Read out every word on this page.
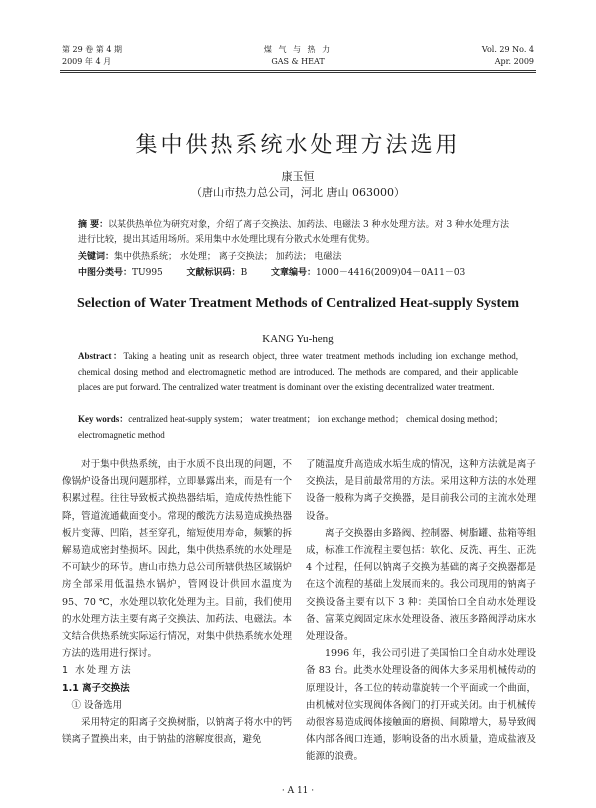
第 29 卷 第 4 期
2009 年 4 月
煤 气 与 热 力
GAS & HEAT
Vol. 29 No. 4
Apr. 2009
集中供热系统水处理方法选用
康玉恒
（唐山市热力总公司，河北 唐山 063000）
摘 要：以某供热单位为研究对象，介绍了离子交换法、加药法、电磁法 3 种水处理方法。对 3 种水处理方法进行比较，提出其适用场所。采用集中水处理比现有分散式水处理有优势。
关键词：集中供热系统； 水处理； 离子交换法； 加药法； 电磁法
中图分类号：TU995	文献标识码：B	文章编号：1000－4416(2009)04－0A11－03
Selection of Water Treatment Methods of Centralized Heat-supply System
KANG Yu-heng
Abstract：Taking a heating unit as research object, three water treatment methods including ion exchange method, chemical dosing method and electromagnetic method are introduced. The methods are compared, and their applicable places are put forward. The centralized water treatment is dominant over the existing decentralized water treatment.
Key words：centralized heat-supply system； water treatment； ion exchange method； chemical dosing method； electromagnetic method

对于集中供热系统，由于水质不良出现的问题，不像锅炉设备出现问题那样，立即暴露出来，而是有一个积累过程。往往导致板式换热器结垢，造成传热性能下降，管道流通截面变小。常现的酸洗方法易造成换热器板片变薄、凹陷，甚至穿孔，缩短使用寿命，频繁的拆解易造成密封垫损坏。因此，集中供热系统的水处理是不可缺少的环节。唐山市热力总公司所辖供热区域锅炉房全部采用低温热水锅炉，管网设计供回水温度为 95、70 ℃，水处理以软化处理为主。目前，我们使用的水处理方法主要有离子交换法、加药法、电磁法。本文结合供热系统实际运行情况，对集中供热系统水处理方法的选用进行探讨。

1 水处理方法

1.1 离子交换法

① 设备选用

采用特定的阳离子交换树脂，以钠离子将水中的钙镁离子置换出来，由于钠盐的溶解度很高，避免

了随温度升高造成水垢生成的情况，这种方法就是离子交换法，是目前最常用的方法。采用这种方法的水处理设备一般称为离子交换器，是目前我公司的主流水处理设备。

离子交换器由多路阀、控制器、树脂罐、盐箱等组成，标准工作流程主要包括：软化、反洗、再生、正洗 4 个过程，任何以钠离子交换为基础的离子交换器都是在这个流程的基础上发展而来的。我公司现用的钠离子交换设备主要有以下 3 种：美国怡口全自动水处理设备、富莱克阀固定床水处理设备、液压多路阀浮动床水处理设备。

1996 年，我公司引进了美国怡口全自动水处理设备 83 台。此类水处理设备的阀体大多采用机械传动的原理设计，各工位的转动靠旋转一个平面或一个曲面，由机械对位实现阀体各阀门的打开或关闭。由于机械传动很容易造成阀体接触面的磨损、间隙增大，易导致阀体内部各阀口连通，影响设备的出水质量，造成盐液及能源的浪费。

· A 11 ·
